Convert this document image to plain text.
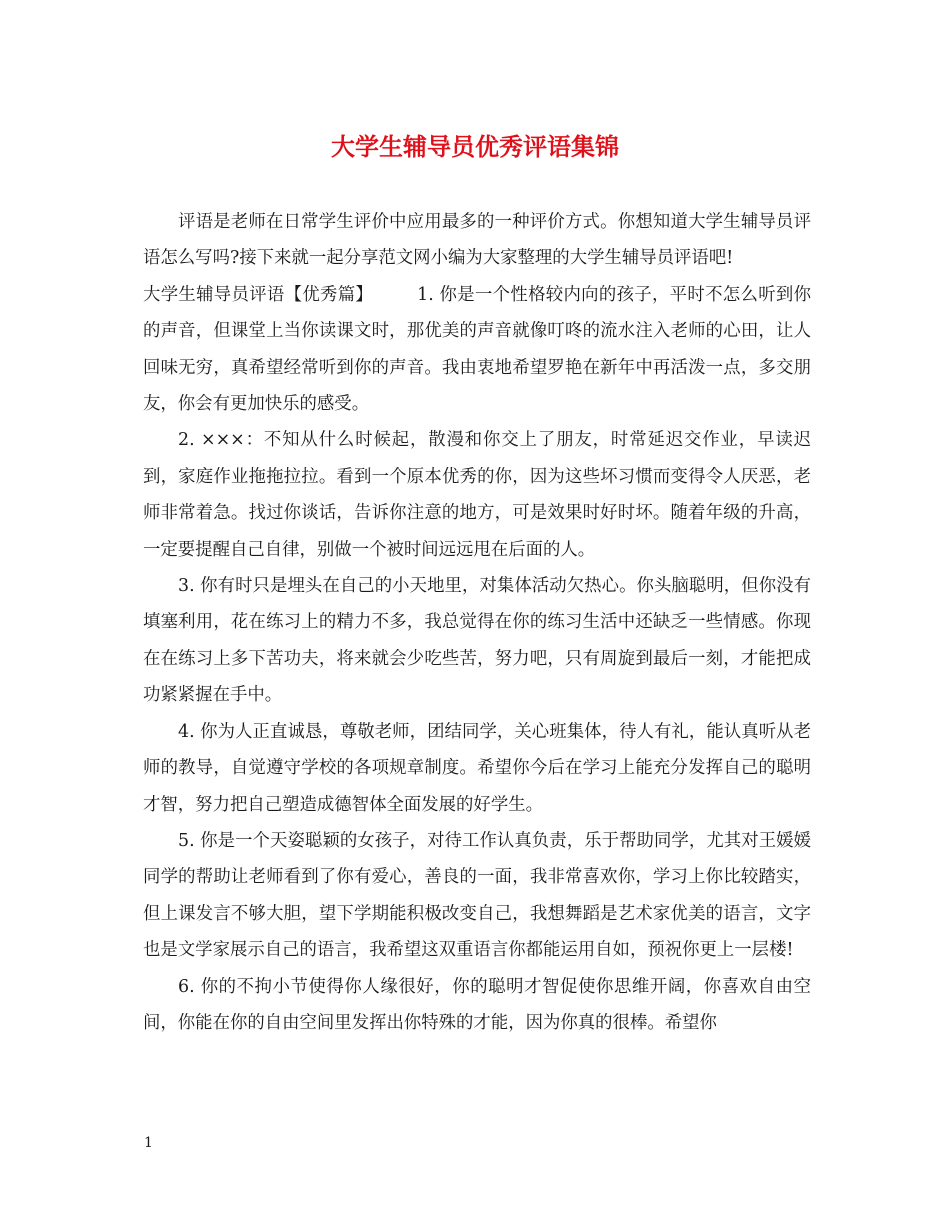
大学生辅导员优秀评语集锦

评语是老师在日常学生评价中应用最多的一种评价方式。你想知道大学生辅导员评语怎么写吗?接下来就一起分享范文网小编为大家整理的大学生辅导员评语吧!

大学生辅导员评语【优秀篇】	1. 你是一个性格较内向的孩子，平时不怎么听到你的声音，但课堂上当你读课文时，那优美的声音就像叮咚的流水注入老师的心田，让人回味无穷，真希望经常听到你的声音。我由衷地希望罗艳在新年中再活泼一点，多交朋友，你会有更加快乐的感受。

2. ×××：不知从什么时候起，散漫和你交上了朋友，时常延迟交作业，早读迟到，家庭作业拖拖拉拉。看到一个原本优秀的你，因为这些坏习惯而变得令人厌恶，老师非常着急。找过你谈话，告诉你注意的地方，可是效果时好时坏。随着年级的升高，一定要提醒自己自律，别做一个被时间远远甩在后面的人。

3. 你有时只是埋头在自己的小天地里，对集体活动欠热心。你头脑聪明，但你没有填塞利用，花在练习上的精力不多，我总觉得在你的练习生活中还缺乏一些情感。你现在在练习上多下苦功夫，将来就会少吃些苦，努力吧，只有周旋到最后一刻，才能把成功紧紧握在手中。

4. 你为人正直诚恳，尊敬老师，团结同学，关心班集体，待人有礼，能认真听从老师的教导，自觉遵守学校的各项规章制度。希望你今后在学习上能充分发挥自己的聪明才智，努力把自己塑造成德智体全面发展的好学生。

5. 你是一个天姿聪颖的女孩子，对待工作认真负责，乐于帮助同学，尤其对王媛媛同学的帮助让老师看到了你有爱心，善良的一面，我非常喜欢你，学习上你比较踏实，但上课发言不够大胆，望下学期能积极改变自己，我想舞蹈是艺术家优美的语言，文字也是文学家展示自己的语言，我希望这双重语言你都能运用自如，预祝你更上一层楼!

6. 你的不拘小节使得你人缘很好，你的聪明才智促使你思维开阔，你喜欢自由空间，你能在你的自由空间里发挥出你特殊的才能，因为你真的很棒。希望你

1
